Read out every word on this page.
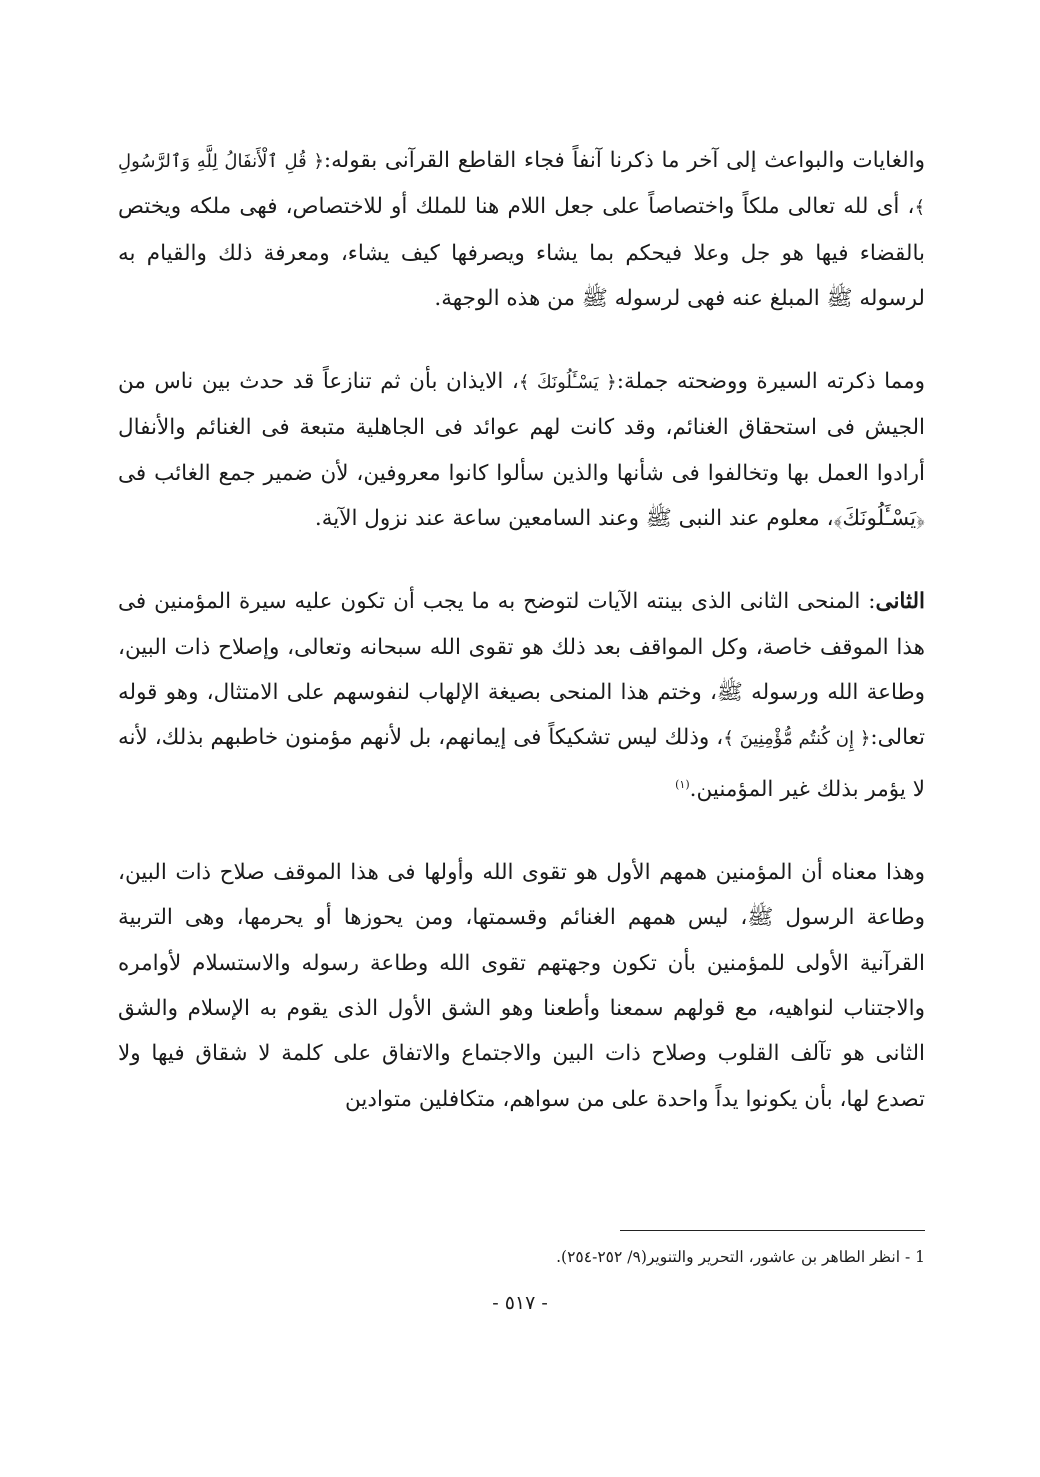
والغايات والبواعث إلى آخر ما ذكرنا آنفاً فجاء القاطع القرآنى بقوله:﴿ قُلِ ٱلْأَنفَالُ لِلَّهِ وَٱلرَّسُولِ ﴾، أى لله تعالى ملكاً واختصاصاً على جعل اللام هنا للملك أو للاختصاص، فهى ملكه ويختص بالقضاء فيها هو جل وعلا فيحكم بما يشاء ويصرفها كيف يشاء، ومعرفة ذلك والقيام به لرسوله ﷺ المبلغ عنه فهى لرسوله ﷺ من هذه الوجهة.

ومما ذكرته السيرة ووضحته جملة:﴿ يَسْـَٔلُونَكَ ﴾، الايذان بأن ثم تنازعاً قد حدث بين ناس من الجيش فى استحقاق الغنائم، وقد كانت لهم عوائد فى الجاهلية متبعة فى الغنائم والأنفال أرادوا العمل بها وتخالفوا فى شأنها والذين سألوا كانوا معروفين، لأن ضمير جمع الغائب فى ﴿يَسْـَٔلُونَكَ﴾، معلوم عند النبى ﷺ وعند السامعين ساعة عند نزول الآية.

الثانى: المنحى الثانى الذى بينته الآيات لتوضح به ما يجب أن تكون عليه سيرة المؤمنين فى هذا الموقف خاصة، وكل المواقف بعد ذلك هو تقوى الله سبحانه وتعالى، وإصلاح ذات البين، وطاعة الله ورسوله ﷺ، وختم هذا المنحى بصيغة الإلهاب لنفوسهم على الامتثال، وهو قوله تعالى:﴿ إِن كُنتُم مُّؤْمِنِينَ ﴾، وذلك ليس تشكيكاً فى إيمانهم، بل لأنهم مؤمنون خاطبهم بذلك، لأنه لا يؤمر بذلك غير المؤمنين.$^{(١)}$

وهذا معناه أن المؤمنين همهم الأول هو تقوى الله وأولها فى هذا الموقف صلاح ذات البين، وطاعة الرسول ﷺ، ليس همهم الغنائم وقسمتها، ومن يحوزها أو يحرمها، وهى التربية القرآنية الأولى للمؤمنين بأن تكون وجهتهم تقوى الله وطاعة رسوله والاستسلام لأوامره والاجتناب لنواهيه، مع قولهم سمعنا وأطعنا وهو الشق الأول الذى يقوم به الإسلام والشق الثانى هو تآلف القلوب وصلاح ذات البين والاجتماع والاتفاق على كلمة لا شقاق فيها ولا تصدع لها، بأن يكونوا يداً واحدة على من سواهم، متكافلين متوادين

1 - انظر الطاهر بن عاشور، التحرير والتنوير(٩/ ٢٥٢-٢٥٤).
- ٥١٧ -
